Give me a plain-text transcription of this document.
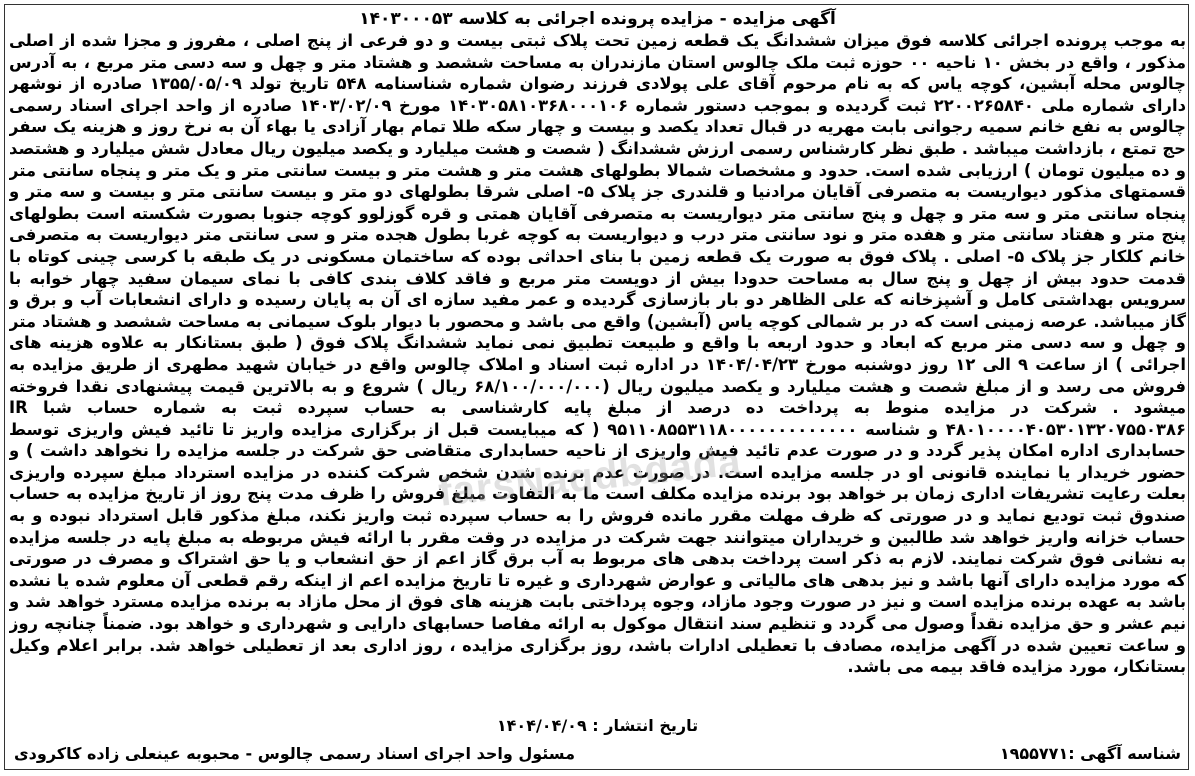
آگهی مزایده - مزایده پرونده اجرائی به کلاسه ۱۴۰۳۰۰۰۵۳
به موجب پرونده اجرائی کلاسه فوق میزان ششدانگ یک قطعه زمین تحت پلاک ثبتی بیست و دو فرعی از پنج اصلی ، مفروز و مجزا شده از اصلی مذکور ، واقع در بخش ۱۰ ناحیه ۰۰ حوزه ثبت ملک چالوس استان مازندران به مساحت ششصد و هشتاد متر و چهل و سه دسی متر مربع ، به آدرس چالوس محله آبشین، کوچه یاس که به نام مرحوم آقای علی پولادی فرزند رضوان شماره شناسنامه ۵۴۸ تاریخ تولد ۱۳۵۵/۰۵/۰۹ صادره از نوشهر دارای شماره ملی ۲۲۰۰۲۶۵۸۴۰ ثبت گردیده و بموجب دستور شماره ۱۴۰۳۰۵۸۱۰۳۶۸۰۰۰۱۰۶ مورخ ۱۴۰۳/۰۲/۰۹ صادره از واحد اجرای اسناد رسمی چالوس به نفع خانم سمیه رجوانی بابت مهریه در قبال تعداد یکصد و بیست و چهار سکه طلا تمام بهار آزادی یا بهاء آن به نرخ روز و هزینه یک سفر حج تمتع ، بازداشت میباشد . طبق نظر کارشناس رسمی ارزش ششدانگ ( شصت و هشت میلیارد و یکصد میلیون ریال معادل شش میلیارد و هشتصد و ده میلیون تومان ) ارزیابی شده است. حدود و مشخصات شمالا بطولهای هشت متر و هشت متر و بیست سانتی متر و یک متر و پنجاه سانتی متر قسمتهای مذکور دیواریست به متصرفی آقایان مرادنیا و قلندری جز پلاک ۵- اصلی شرقا بطولهای دو متر و بیست سانتی متر و بیست و سه متر و پنجاه سانتی متر و سه متر و چهل و پنج سانتی متر دیواریست به متصرفی آقایان همتی و قره گوزلوو کوچه جنوبا بصورت شکسته است بطولهای پنج متر و هفتاد سانتی متر و هفده متر و نود سانتی متر درب و دیواریست به کوچه غربا بطول هجده متر و سی سانتی متر دیواریست به متصرفی خانم کلکار جز پلاک ۵- اصلی . پلاک فوق به صورت یک قطعه زمین با بنای احداثی بوده که ساختمان مسکونی در یک طبقه با کرسی چینی کوتاه با قدمت حدود بیش از چهل و پنج سال به مساحت حدودا بیش از دویست متر مربع و فاقد کلاف بندی کافی با نمای سیمان سفید چهار خوابه با سرویس بهداشتی کامل و آشپزخانه که علی الظاهر دو بار بازسازی گردیده و عمر مفید سازه ای آن به پایان رسیده و دارای انشعابات آب و برق و گاز میباشد. عرصه زمینی است که در بر شمالی کوچه یاس (آبشین) واقع می باشد و محصور با دیوار بلوک سیمانی به مساحت ششصد و هشتاد متر و چهل و سه دسی متر مربع که ابعاد و حدود اربعه با واقع و طبیعت تطبیق نمی نماید ششدانگ پلاک فوق ( طبق بستانکار به علاوه هزینه های اجرائی ) از ساعت ۹ الی ۱۲ روز دوشنبه مورخ ۱۴۰۴/۰۴/۲۳ در اداره ثبت اسناد و املاک چالوس واقع در خیابان شهید مطهری از طریق مزایده به فروش می رسد و از مبلغ شصت و هشت میلیارد و یکصد میلیون ریال (۶۸/۱۰۰/۰۰۰/۰۰۰ ریال ) شروع و به بالاترین قیمت پیشنهادی نقدا فروخته میشود . شرکت در مزایده منوط به پرداخت ده درصد از مبلغ پایه کارشناسی به حساب سپرده ثبت به شماره حساب شبا IR ۴۸۰۱۰۰۰۰۴۰۵۳۰۱۳۲۰۷۵۵۰۳۸۶ و شناسه ۹۵۱۱۰۸۵۵۳۱۱۸۰۰۰۰۰۰۰۰۰۰۰۰۰ ( که میبایست قبل از برگزاری مزایده واریز تا تائید فیش واریزی توسط حسابداری اداره امکان پذیر گردد و در صورت عدم تائید فیش واریزی از ناحیه حسابداری متقاضی حق شرکت در جلسه مزایده را نخواهد داشت ) و حضور خریدار یا نماینده قانونی او در جلسه مزایده است. در صورت عدم برنده شدن شخص شرکت کننده در مزایده استرداد مبلغ سپرده واریزی بعلت رعایت تشریفات اداری زمان بر خواهد بود برنده مزایده مکلف است ما به التفاوت مبلغ فروش را ظرف مدت پنج روز از تاریخ مزایده به حساب صندوق ثبت تودیع نماید و در صورتی که ظرف مهلت مقرر مانده فروش را به حساب سپرده ثبت واریز نکند، مبلغ مذکور قابل استرداد نبوده و به حساب خزانه واریز خواهد شد طالبین و خریداران میتوانند جهت شرکت در مزایده در وقت مقرر با ارائه فیش مربوطه به مبلغ پایه در جلسه مزایده به نشانی فوق شرکت نمایند. لازم به ذکر است پرداخت بدهی های مربوط به آب برق گاز اعم از حق انشعاب و یا حق اشتراک و مصرف در صورتی که مورد مزایده دارای آنها باشد و نیز بدهی های مالیاتی و عوارض شهرداری و غیره تا تاریخ مزایده اعم از اینکه رقم قطعی آن معلوم شده یا نشده باشد به عهده برنده مزایده است و نیز در صورت وجود مازاد، وجوه پرداختی بابت هزینه های فوق از محل مازاد به برنده مزایده مسترد خواهد شد و نیم عشر و حق مزایده نقداً وصول می گردد و تنظیم سند انتقال موکول به ارائه مفاصا حسابهای دارایی و شهرداری و خواهد بود. ضمناً چنانچه روز و ساعت تعیین شده در آگهی مزایده، مصادف با تعطیلی ادارات باشد، روز برگزاری مزایده ، روز اداری بعد از تعطیلی خواهد شد. برابر اعلام وکیل بستانکار، مورد مزایده فاقد بیمه می باشد.
farsNaqdbdada
تاریخ انتشار : ۱۴۰۴/۰۴/۰۹
شناسه آگهی :۱۹۵۵۷۷۱
مسئول واحد اجرای اسناد رسمی چالوس - محبوبه عینعلی زاده کاکرودی
